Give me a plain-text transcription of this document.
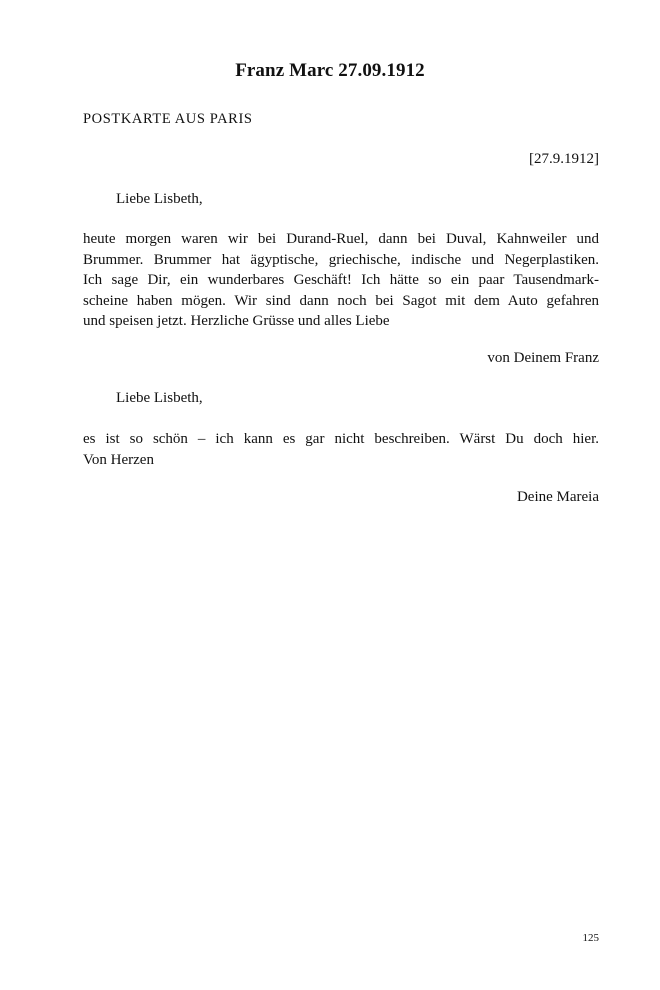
Franz Marc 27.09.1912
POSTKARTE AUS PARIS
[27.9.1912]
Liebe Lisbeth,
heute morgen waren wir bei Durand-Ruel, dann bei Duval, Kahnweiler und
Brummer. Brummer hat ägyptische, griechische, indische und Negerplastiken.
Ich sage Dir, ein wunderbares Geschäft! Ich hätte so ein paar Tausendmark-
scheine haben mögen. Wir sind dann noch bei Sagot mit dem Auto gefahren
und speisen jetzt. Herzliche Grüsse und alles Liebe
von Deinem Franz
Liebe Lisbeth,
es ist so schön – ich kann es gar nicht beschreiben. Wärst Du doch hier.
Von Herzen
Deine Mareia
125
